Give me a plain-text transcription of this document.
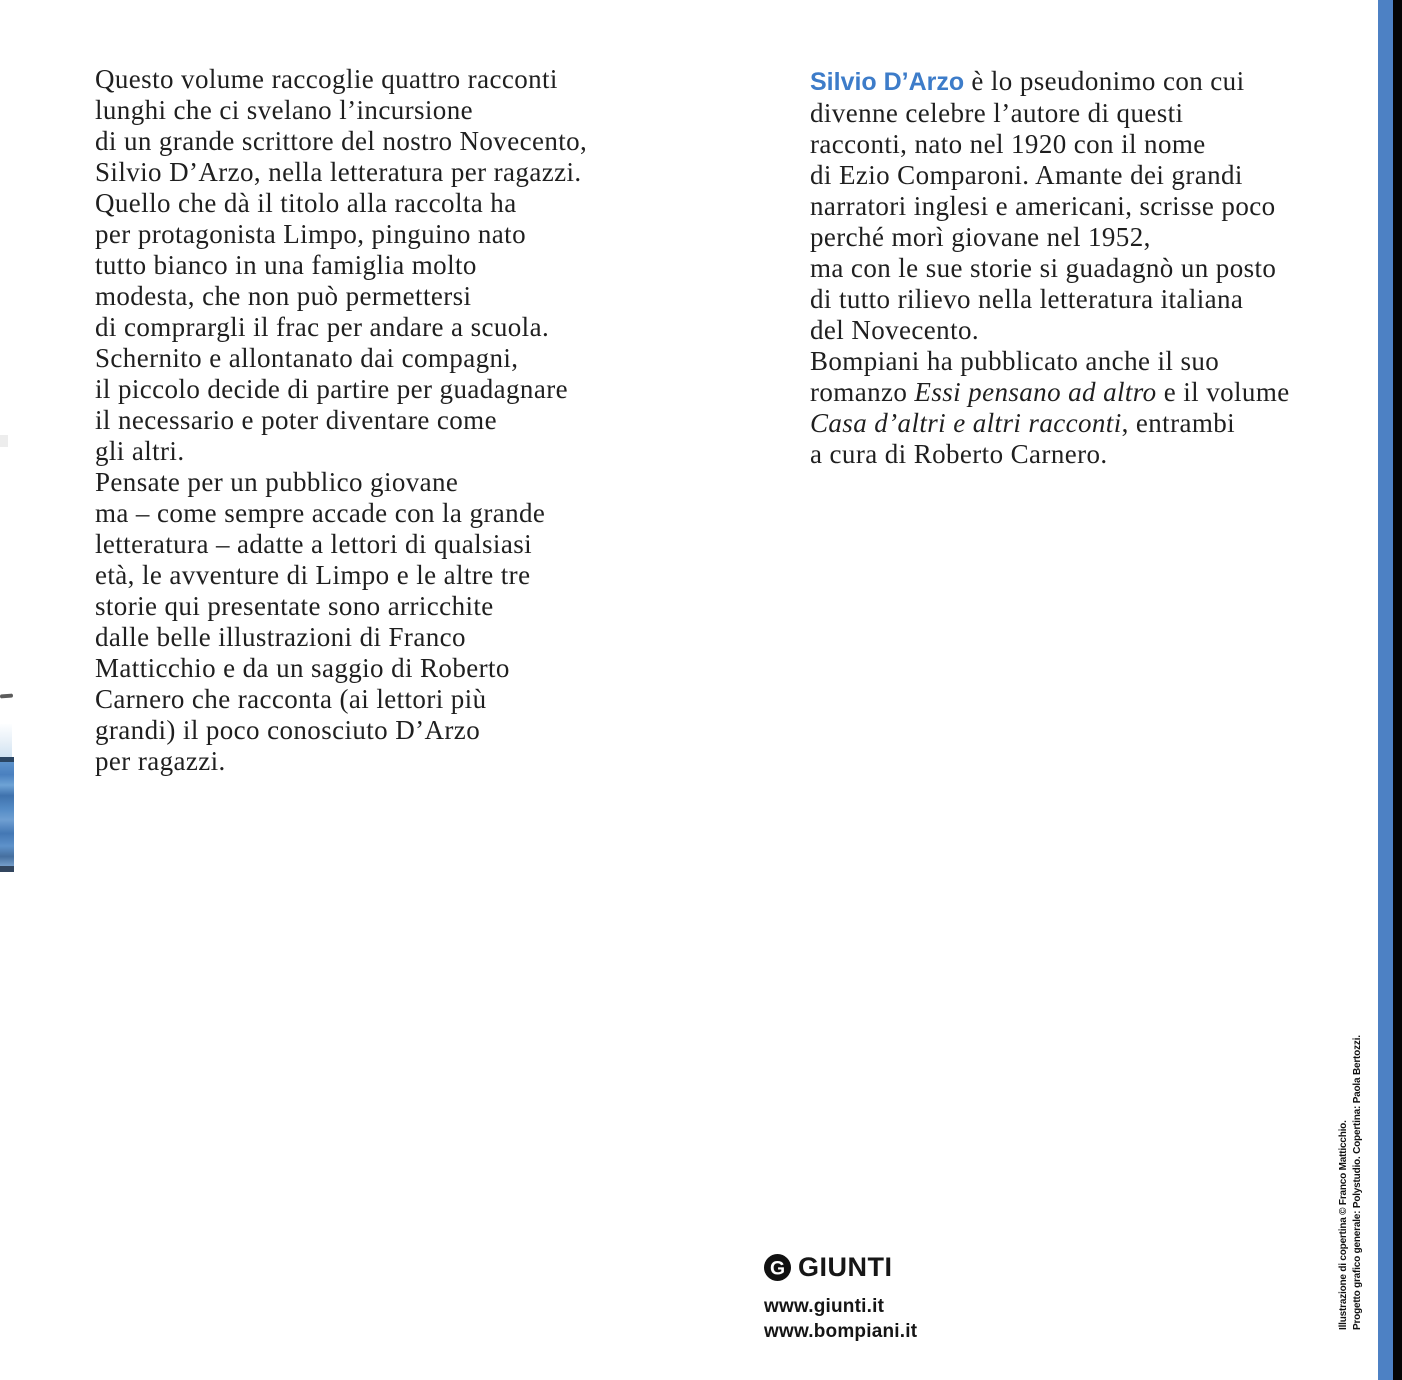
Questo volume raccoglie quattro racconti
lunghi che ci svelano l’incursione
di un grande scrittore del nostro Novecento,
Silvio D’Arzo, nella letteratura per ragazzi.
Quello che dà il titolo alla raccolta ha
per protagonista Limpo, pinguino nato
tutto bianco in una famiglia molto
modesta, che non può permettersi
di comprargli il frac per andare a scuola.
Schernito e allontanato dai compagni,
il piccolo decide di partire per guadagnare
il necessario e poter diventare come
gli altri.
Pensate per un pubblico giovane
ma – come sempre accade con la grande
letteratura – adatte a lettori di qualsiasi
età, le avventure di Limpo e le altre tre
storie qui presentate sono arricchite
dalle belle illustrazioni di Franco
Matticchio e da un saggio di Roberto
Carnero che racconta (ai lettori più
grandi) il poco conosciuto D’Arzo
per ragazzi.
Silvio D’Arzo è lo pseudonimo con cui
divenne celebre l’autore di questi
racconti, nato nel 1920 con il nome
di Ezio Comparoni. Amante dei grandi
narratori inglesi e americani, scrisse poco
perché morì giovane nel 1952,
ma con le sue storie si guadagnò un posto
di tutto rilievo nella letteratura italiana
del Novecento.
Bompiani ha pubblicato anche il suo
romanzo Essi pensano ad altro e il volume
Casa d’altri e altri racconti, entrambi
a cura di Roberto Carnero.
G GIUNTI
www.giunti.it
www.bompiani.it
Illustrazione di copertina © Franco Matticchio. Progetto grafico generale: Polystudio. Copertina: Paola Bertozzi.
